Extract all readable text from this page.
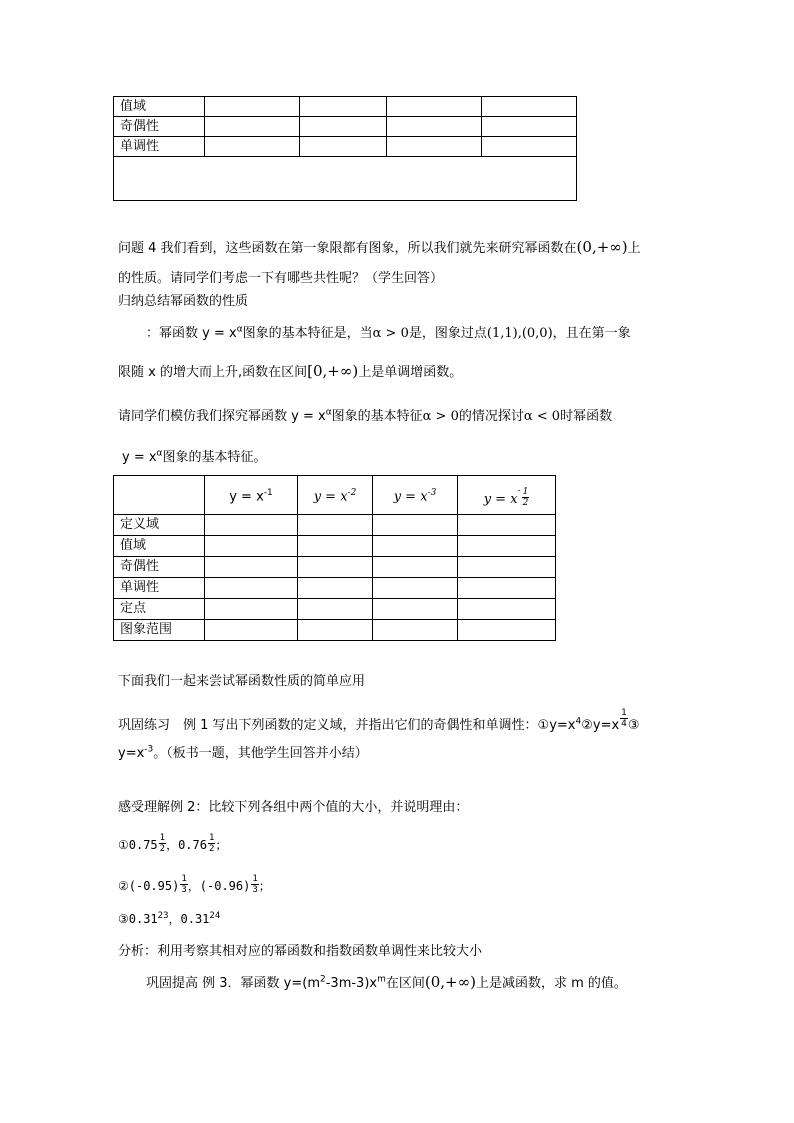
值域				
奇偶性				
单调性				

问题 4 我们看到，这些函数在第一象限都有图象，所以我们就先来研究幂函数在(0,+∞)上
的性质。请同学们考虑一下有哪些共性呢？（学生回答）
归纳总结幂函数的性质
：幂函数 $y = x^\alpha$图象的基本特征是，当α > 0是，图象过点(1,1),(0,0)，且在第一象
限随 x 的增大而上升,函数在区间[0,+∞)上是单调增函数。
请同学们模仿我们探究幂函数 $y = x^\alpha$图象的基本特征α > 0的情况探讨α < 0时幂函数
$y = x^\alpha$图象的基本特征。
	$y = x^{-1}$	$y = x^{-2}$	$y = x^{-3}$	$y = x^- \frac{1}{2}$

定义域				
值域				
奇偶性				
单调性				
定点				
图象范围				
下面我们一起来尝试幂函数性质的简单应用
巩固练习　例 1 写出下列函数的定义域，并指出它们的奇偶性和单调性：$①y=x^4②y=x \frac{1}{4}$ ③
$y=x^{-3}$。（板书一题，其他学生回答并小结）
感受理解例 2：比较下列各组中两个值的大小，并说明理由：
①0.75 $\frac{1}{2}$ ，$0.76 \frac{1}{2}$ ；
②(-0.95) $\frac{1}{3}$ ，$(-0.96) \frac{1}{3}$ ；
③0.31$^{23}$，0.31$^{24}$
分析：利用考察其相对应的幂函数和指数函数单调性来比较大小
巩固提高 例 3．幂函数 $y=(m^2-3m-3)x^m$在区间(0,+∞)上是减函数，求 m 的值。
